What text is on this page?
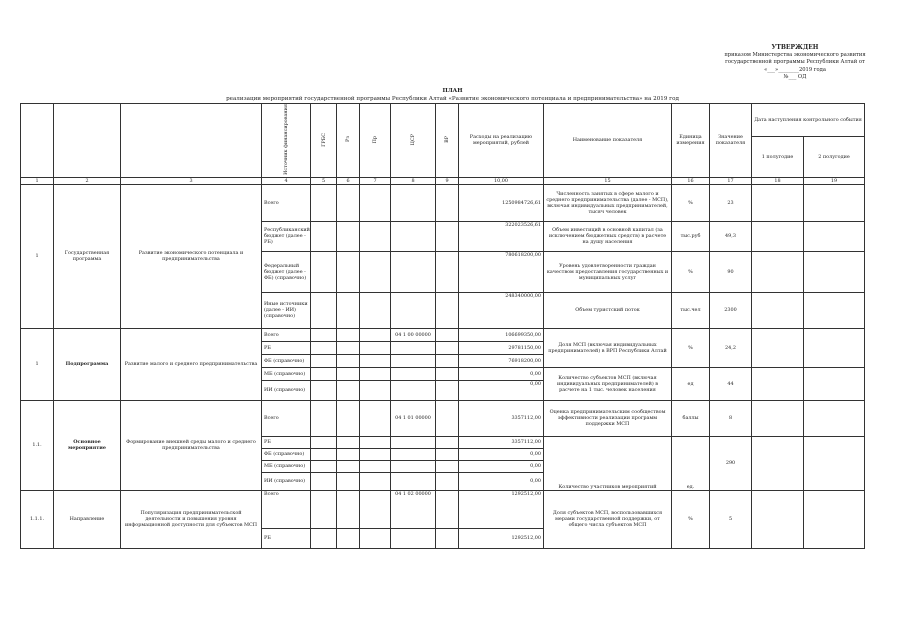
УТВЕРЖДЕН
приказом Министерства экономического развития
государственной программы Республики Алтай от
«___»________2019 года
№___ ОД
ПЛАН
реализации мероприятий государственной программы Республики Алтай «Развитие экономического потенциала и предпринимательства» на 2019 год
			Источник финансирования	ГРБС	Рз	Пр	ЦСР	ВР	Расходы на реализацию мероприятий, рублей	Наименование показателя	Единица измерения	Значение показателя	Дата наступления контрольного события	
													1 полугодие	2 полугодие
1	2	3	4	5	6	7	8	9	10,00	15	16	17	18	19
1	Государственная программа	Развитие экономического потенциала и предпринимательства	Всего						1250984726,61	Численность занятых в сфере малого и среднего предпринимательства (далее - МСП), включая индивидуальных предпринимателей, тысяч человек	%	23		
			Республиканский бюджет (далее - РБ)						322023526,61	Объем инвестиций в основной капитал (за исключением бюджетных средств) в расчете на душу населения	тыс.руб	49,3		
			Федеральный бюджет (далее - ФБ) (справочно)						780618200,00	Уровень удовлетворенности граждан качеством предоставления государственных и муниципальных услуг	%	90		
			Иные источники (далее - ИИ) (справочно)						248340000,00	Объем туристский поток	тыс.чел	2300		
1	Подпрограмма	Развитие малого и среднего предпринимательства	Всего				04 1 00 00000		106699350,00	Доля МСП (включая индивидуальных предпринимателей) в ВРП Республики Алтай	%	24,2		
			РБ						29781150,00					
			ФБ (справочно)						76918200,00					
			МБ (справочно)						0,00	Количество субъектов МСП (включая индивидуальных предпринимателей) в расчете на 1 тыс. человек населения	ед	44		
			ИИ (справочно)						0,00					
1.1.	Основное мероприятие	Формирование внешней среды малого и среднего предпринимательства	Всего				04 1 01 00000		3357112,00	Оценка предпринимательским сообществом эффективности реализации программ поддержки МСП	баллы	8		
			РБ						3357112,00	Количество участников мероприятий	ед.	290		
			ФБ (справочно)						0,00					
			МБ (справочно)						0,00					
			ИИ (справочно)						0,00					
1.1.1.	Направление	Популяризация предпринимательской деятельности и повышения уровня информационной доступности для субъектов МСП	Всего				04 1 02 00000		1292512,00	Доля субъектов МСП, воспользовавшихся мерами государственной поддержки, от общего числа субъектов МСП	%	5		
			РБ						1292512,00					
